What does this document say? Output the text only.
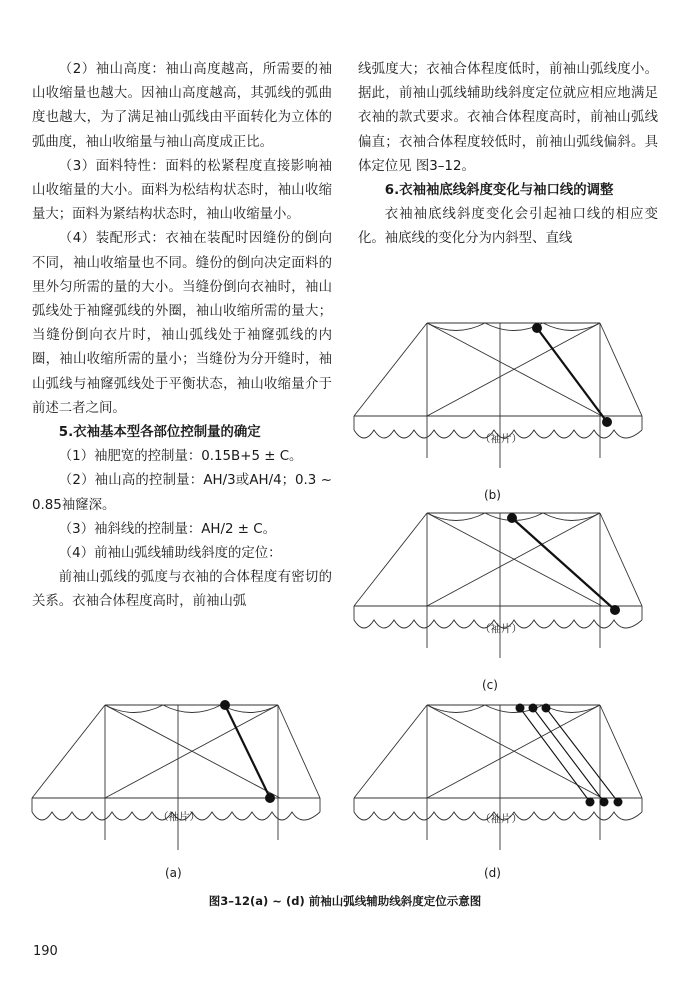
（2）袖山高度：袖山高度越高，所需要的袖山收缩量也越大。因袖山高度越高，其弧线的弧曲度也越大，为了满足袖山弧线由平面转化为立体的弧曲度，袖山收缩量与袖山高度成正比。

（3）面料特性：面料的松紧程度直接影响袖山收缩量的大小。面料为松结构状态时，袖山收缩量大；面料为紧结构状态时，袖山收缩量小。

（4）装配形式：衣袖在装配时因缝份的倒向不同，袖山收缩量也不同。缝份的倒向决定面料的里外匀所需的量的大小。当缝份倒向衣袖时，袖山弧线处于袖窿弧线的外圈，袖山收缩所需的量大；当缝份倒向衣片时，袖山弧线处于袖窿弧线的内圈，袖山收缩所需的量小；当缝份为分开缝时，袖山弧线与袖窿弧线处于平衡状态，袖山收缩量介于前述二者之间。

5.衣袖基本型各部位控制量的确定

（1）袖肥宽的控制量：0.15B+5 ± C。

（2）袖山高的控制量：AH/3或AH/4；0.3 ~ 0.85袖窿深。

（3）袖斜线的控制量：AH/2 ± C。

（4）前袖山弧线辅助线斜度的定位：

前袖山弧线的弧度与衣袖的合体程度有密切的关系。衣袖合体程度高时，前袖山弧

线弧度大；衣袖合体程度低时，前袖山弧线度小。据此，前袖山弧线辅助线斜度定位就应相应地满足衣袖的款式要求。衣袖合体程度高时，前袖山弧线偏直；衣袖合体程度较低时，前袖山弧线偏斜。具体定位见 图3–12。

6.衣袖袖底线斜度变化与袖口线的调整

衣袖袖底线斜度变化会引起袖口线的相应变化。袖底线的变化分为内斜型、直线

（袖片）
(a)
（袖片）
(b)
（袖片）
(c)
（袖片）
(d)
图3–12(a) ~ (d) 前袖山弧线辅助线斜度定位示意图
190
